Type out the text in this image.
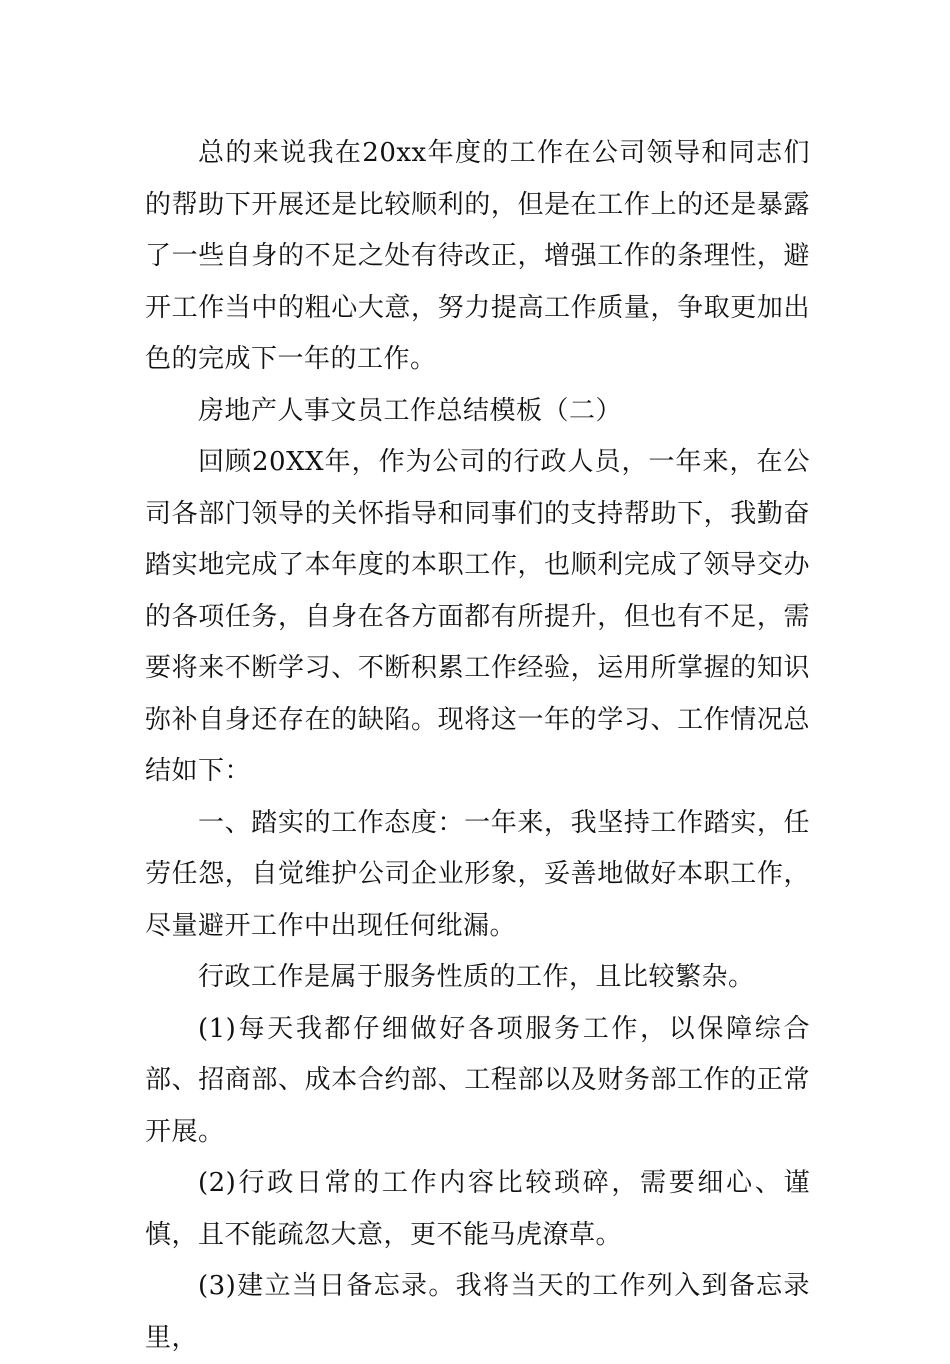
总的来说我在20xx年度的工作在公司领导和同志们的帮助下开展还是比较顺利的，但是在工作上的还是暴露了一些自身的不足之处有待改正，增强工作的条理性，避开工作当中的粗心大意，努力提高工作质量，争取更加出色的完成下一年的工作。

房地产人事文员工作总结模板（二）

回顾20XX年，作为公司的行政人员，一年来，在公司各部门领导的关怀指导和同事们的支持帮助下，我勤奋踏实地完成了本年度的本职工作，也顺利完成了领导交办的各项任务，自身在各方面都有所提升，但也有不足，需要将来不断学习、不断积累工作经验，运用所掌握的知识弥补自身还存在的缺陷。现将这一年的学习、工作情况总结如下：

一、踏实的工作态度：一年来，我坚持工作踏实，任劳任怨，自觉维护公司企业形象，妥善地做好本职工作，尽量避开工作中出现任何纰漏。

行政工作是属于服务性质的工作，且比较繁杂。

(1)每天我都仔细做好各项服务工作，以保障综合部、招商部、成本合约部、工程部以及财务部工作的正常开展。

(2)行政日常的工作内容比较琐碎，需要细心、谨慎，且不能疏忽大意，更不能马虎潦草。

(3)建立当日备忘录。我将当天的工作列入到备忘录里，
